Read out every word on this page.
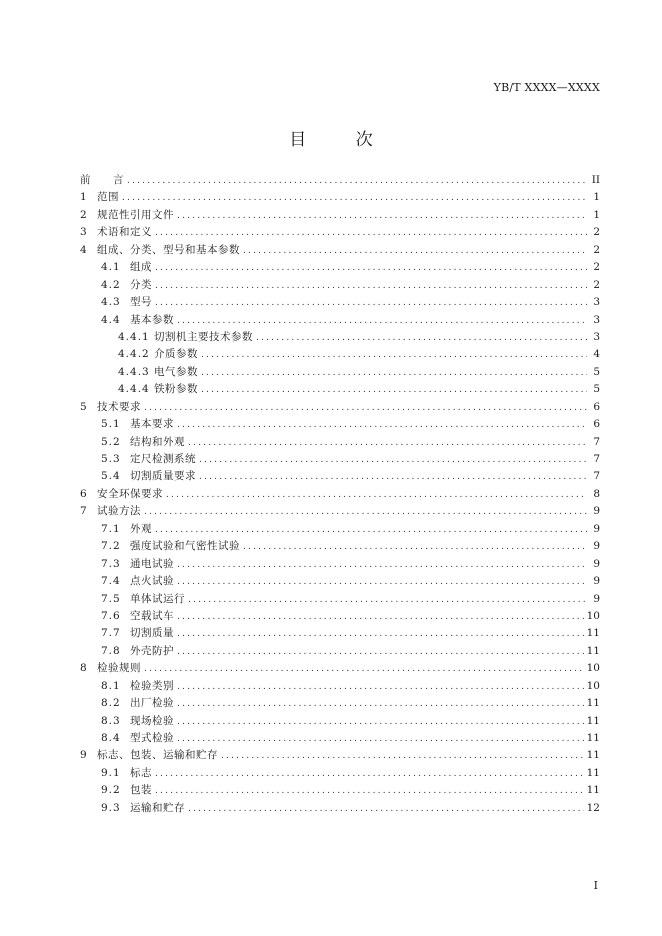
YB/T XXXX—XXXX
目 次
前　　言 .....	II
1 范围 .....	1
2 规范性引用文件 .....	1
3 术语和定义 .....	2
4 组成、分类、型号和基本参数 .....	2
4.1 组成 .....	2
4.2 分类 .....	2
4.3 型号 .....	3
4.4 基本参数 .....	3
4.4.1 切割机主要技术参数 .....	3
4.4.2 介质参数 .....	4
4.4.3 电气参数 .....	5
4.4.4 铁粉参数 .....	5
5 技术要求 .....	6
5.1 基本要求 .....	6
5.2 结构和外观 .....	7
5.3 定尺检测系统 .....	7
5.4 切割质量要求 .....	7
6 安全环保要求 .....	8
7 试验方法 .....	9
7.1 外观 .....	9
7.2 强度试验和气密性试验 .....	9
7.3 通电试验 .....	9
7.4 点火试验 .....	9
7.5 单体试运行 .....	9
7.6 空载试车 .....	10
7.7 切割质量 .....	11
7.8 外壳防护 .....	11
8 检验规则 .....	10
8.1 检验类别 .....	10
8.2 出厂检验 .....	11
8.3 现场检验 .....	11
8.4 型式检验 .....	11
9 标志、包装、运输和贮存 .....	11
9.1 标志 .....	11
9.2 包装 .....	11
9.3 运输和贮存 .....	12
I
